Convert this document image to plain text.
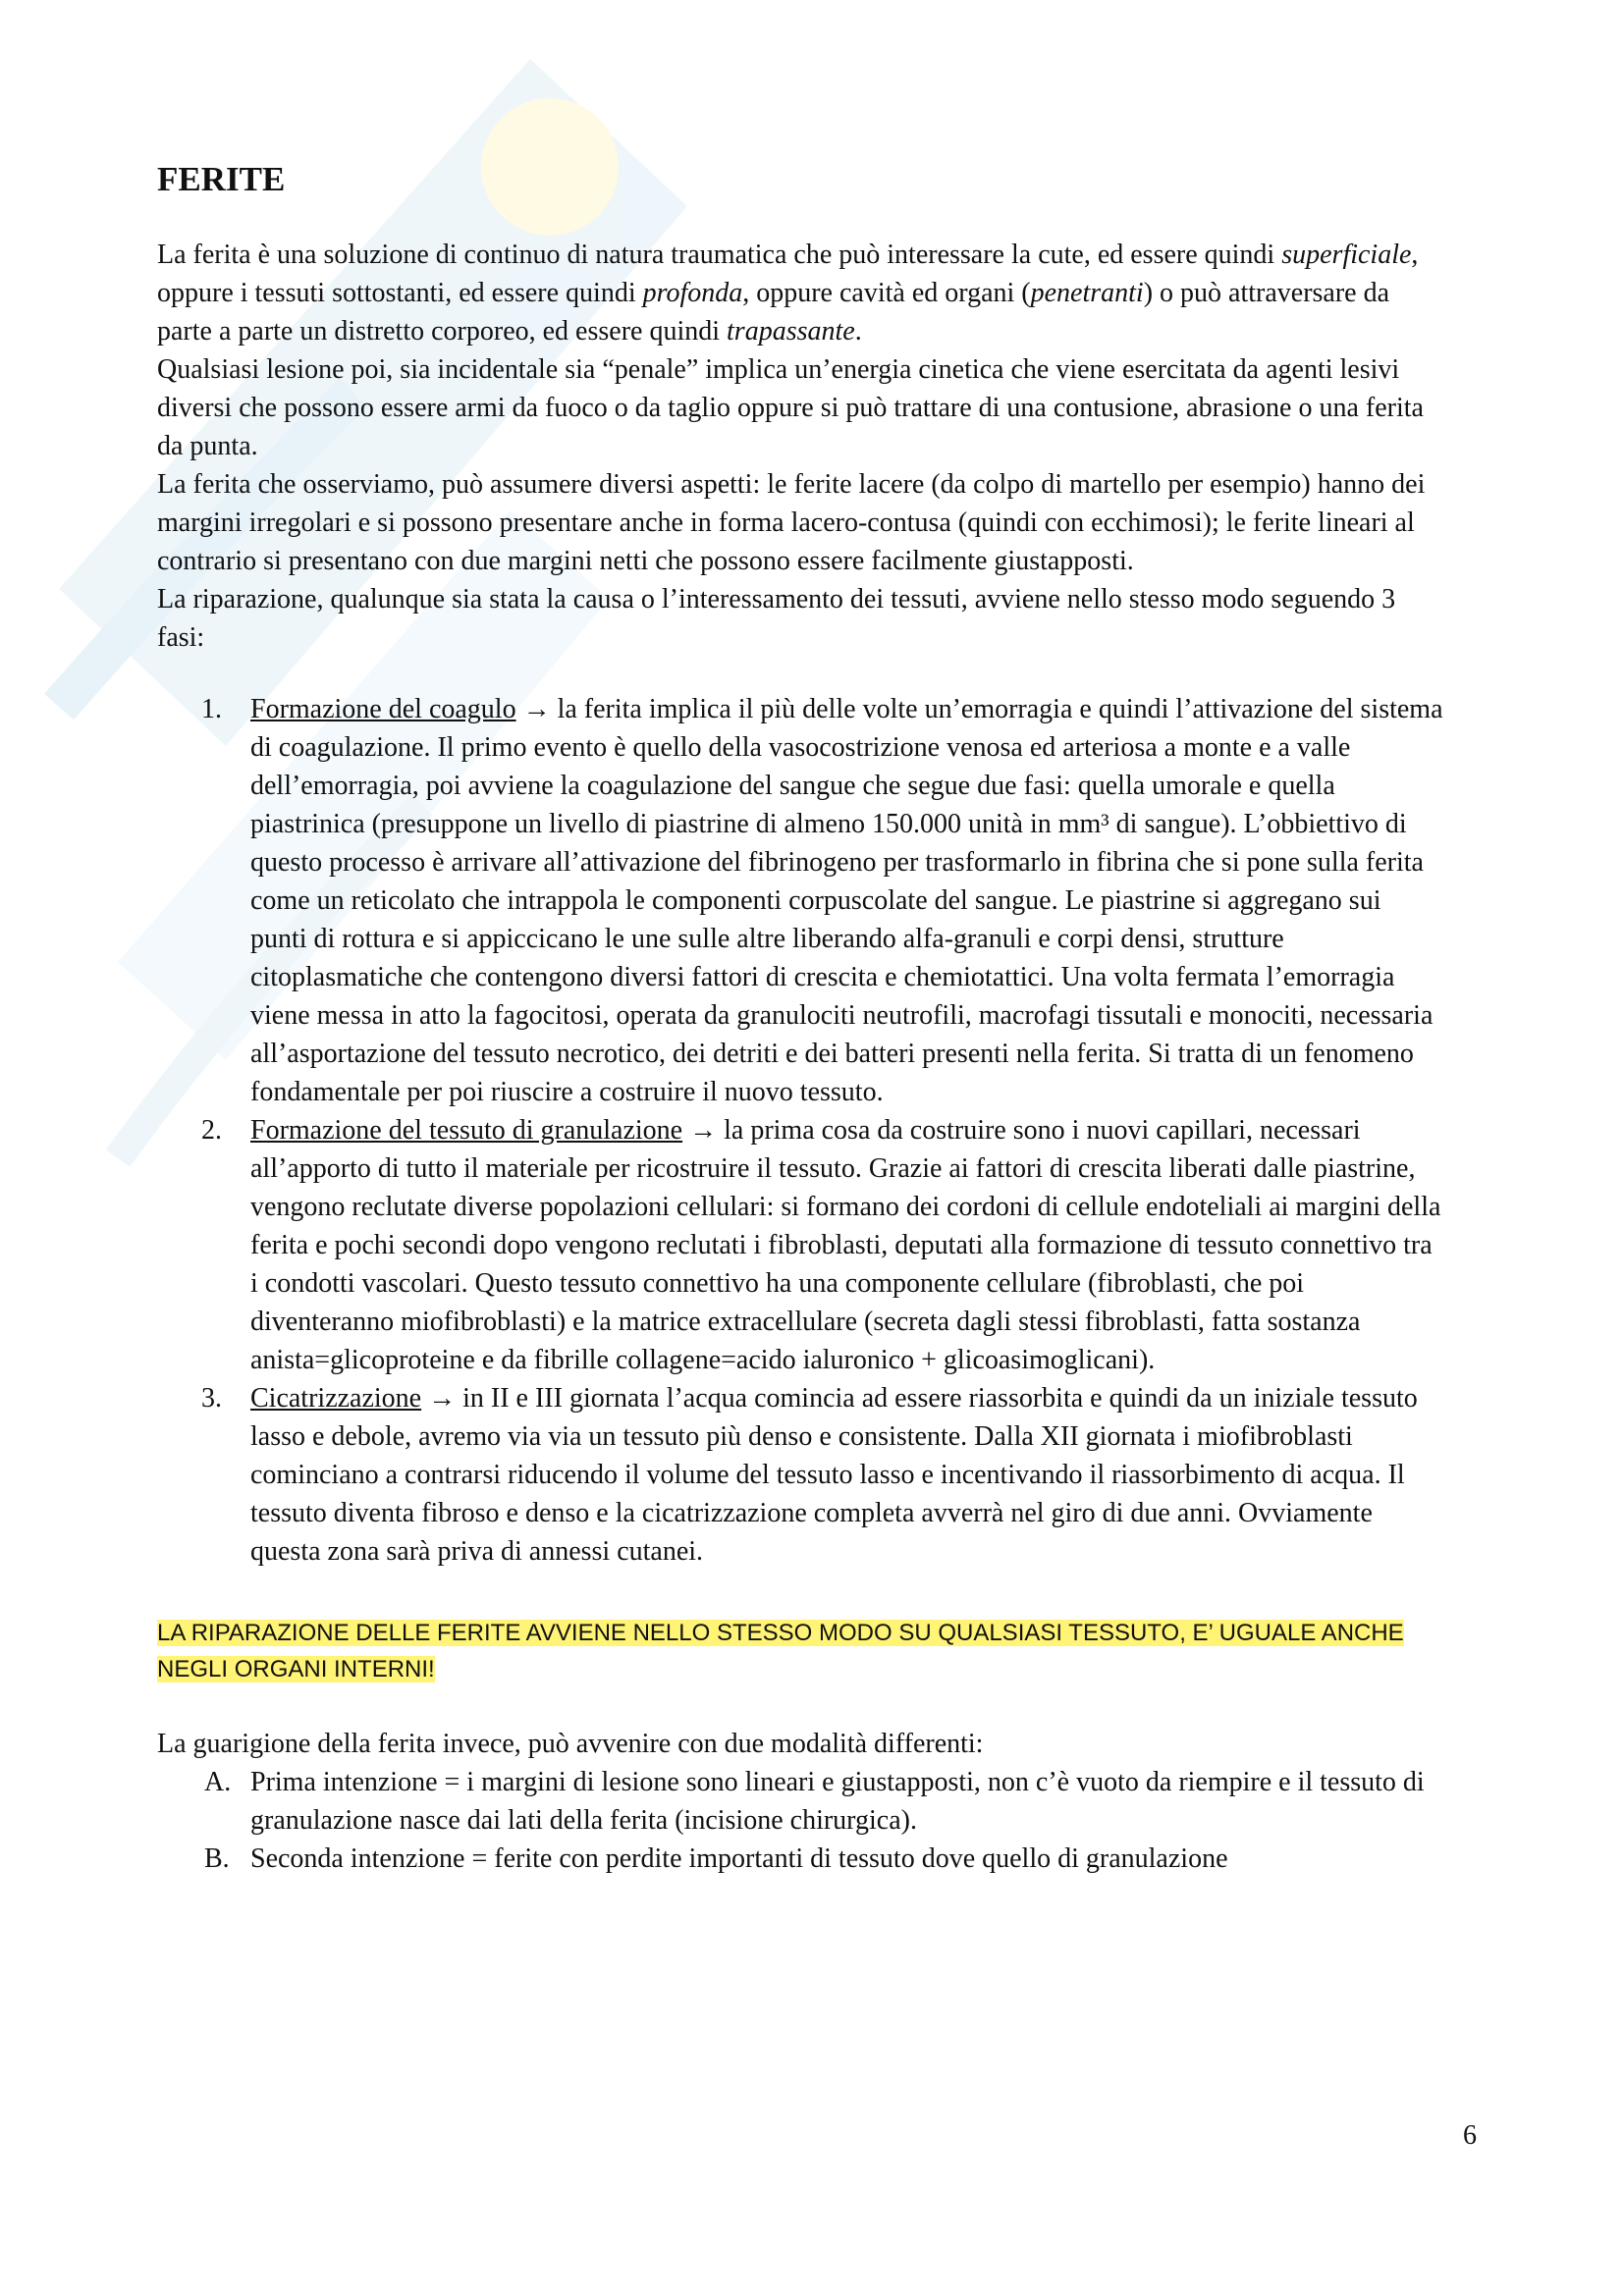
FERITE

La ferita è una soluzione di continuo di natura traumatica che può interessare la cute, ed essere quindi superficiale, oppure i tessuti sottostanti, ed essere quindi profonda, oppure cavità ed organi (penetranti) o può attraversare da parte a parte un distretto corporeo, ed essere quindi trapassante.

Qualsiasi lesione poi, sia incidentale sia “penale” implica un’energia cinetica che viene esercitata da agenti lesivi diversi che possono essere armi da fuoco o da taglio oppure si può trattare di una contusione, abrasione o una ferita da punta.

La ferita che osserviamo, può assumere diversi aspetti: le ferite lacere (da colpo di martello per esempio) hanno dei margini irregolari e si possono presentare anche in forma lacero-contusa (quindi con ecchimosi); le ferite lineari al contrario si presentano con due margini netti che possono essere facilmente giustapposti.

La riparazione, qualunque sia stata la causa o l’interessamento dei tessuti, avviene nello stesso modo seguendo 3 fasi:

1.	Formazione del coagulo → la ferita implica il più delle volte un’emorragia e quindi l’attivazione del sistema di coagulazione. Il primo evento è quello della vasocostrizione venosa ed arteriosa a monte e a valle dell’emorragia, poi avviene la coagulazione del sangue che segue due fasi: quella umorale e quella piastrinica (presuppone un livello di piastrine di almeno 150.000 unità in mm³ di sangue). L’obbiettivo di questo processo è arrivare all’attivazione del fibrinogeno per trasformarlo in fibrina che si pone sulla ferita come un reticolato che intrappola le componenti corpuscolate del sangue. Le piastrine si aggregano sui punti di rottura e si appiccicano le une sulle altre liberando alfa-granuli e corpi densi, strutture citoplasmatiche che contengono diversi fattori di crescita e chemiotattici. Una volta fermata l’emorragia viene messa in atto la fagocitosi, operata da granulociti neutrofili, macrofagi tissutali e monociti, necessaria all’asportazione del tessuto necrotico, dei detriti e dei batteri presenti nella ferita. Si tratta di un fenomeno fondamentale per poi riuscire a costruire il nuovo tessuto.
2.	Formazione del tessuto di granulazione → la prima cosa da costruire sono i nuovi capillari, necessari all’apporto di tutto il materiale per ricostruire il tessuto. Grazie ai fattori di crescita liberati dalle piastrine, vengono reclutate diverse popolazioni cellulari: si formano dei cordoni di cellule endoteliali ai margini della ferita e pochi secondi dopo vengono reclutati i fibroblasti, deputati alla formazione di tessuto connettivo tra i condotti vascolari. Questo tessuto connettivo ha una componente cellulare (fibroblasti, che poi diventeranno miofibroblasti) e la matrice extracellulare (secreta dagli stessi fibroblasti, fatta sostanza anista=glicoproteine e da fibrille collagene=acido ialuronico + glicoasimoglicani).
3.	Cicatrizzazione → in II e III giornata l’acqua comincia ad essere riassorbita e quindi da un iniziale tessuto lasso e debole, avremo via via un tessuto più denso e consistente. Dalla XII giornata i miofibroblasti cominciano a contrarsi riducendo il volume del tessuto lasso e incentivando il riassorbimento di acqua. Il tessuto diventa fibroso e denso e la cicatrizzazione completa avverrà nel giro di due anni. Ovviamente questa zona sarà priva di annessi cutanei.

LA RIPARAZIONE DELLE FERITE AVVIENE NELLO STESSO MODO SU QUALSIASI TESSUTO, E’ UGUALE ANCHE NEGLI ORGANI INTERNI!

La guarigione della ferita invece, può avvenire con due modalità differenti:

A. Prima intenzione = i margini di lesione sono lineari e giustapposti, non c’è vuoto da riempire e il tessuto di granulazione nasce dai lati della ferita (incisione chirurgica).
B. Seconda intenzione = ferite con perdite importanti di tessuto dove quello di granulazione
6
